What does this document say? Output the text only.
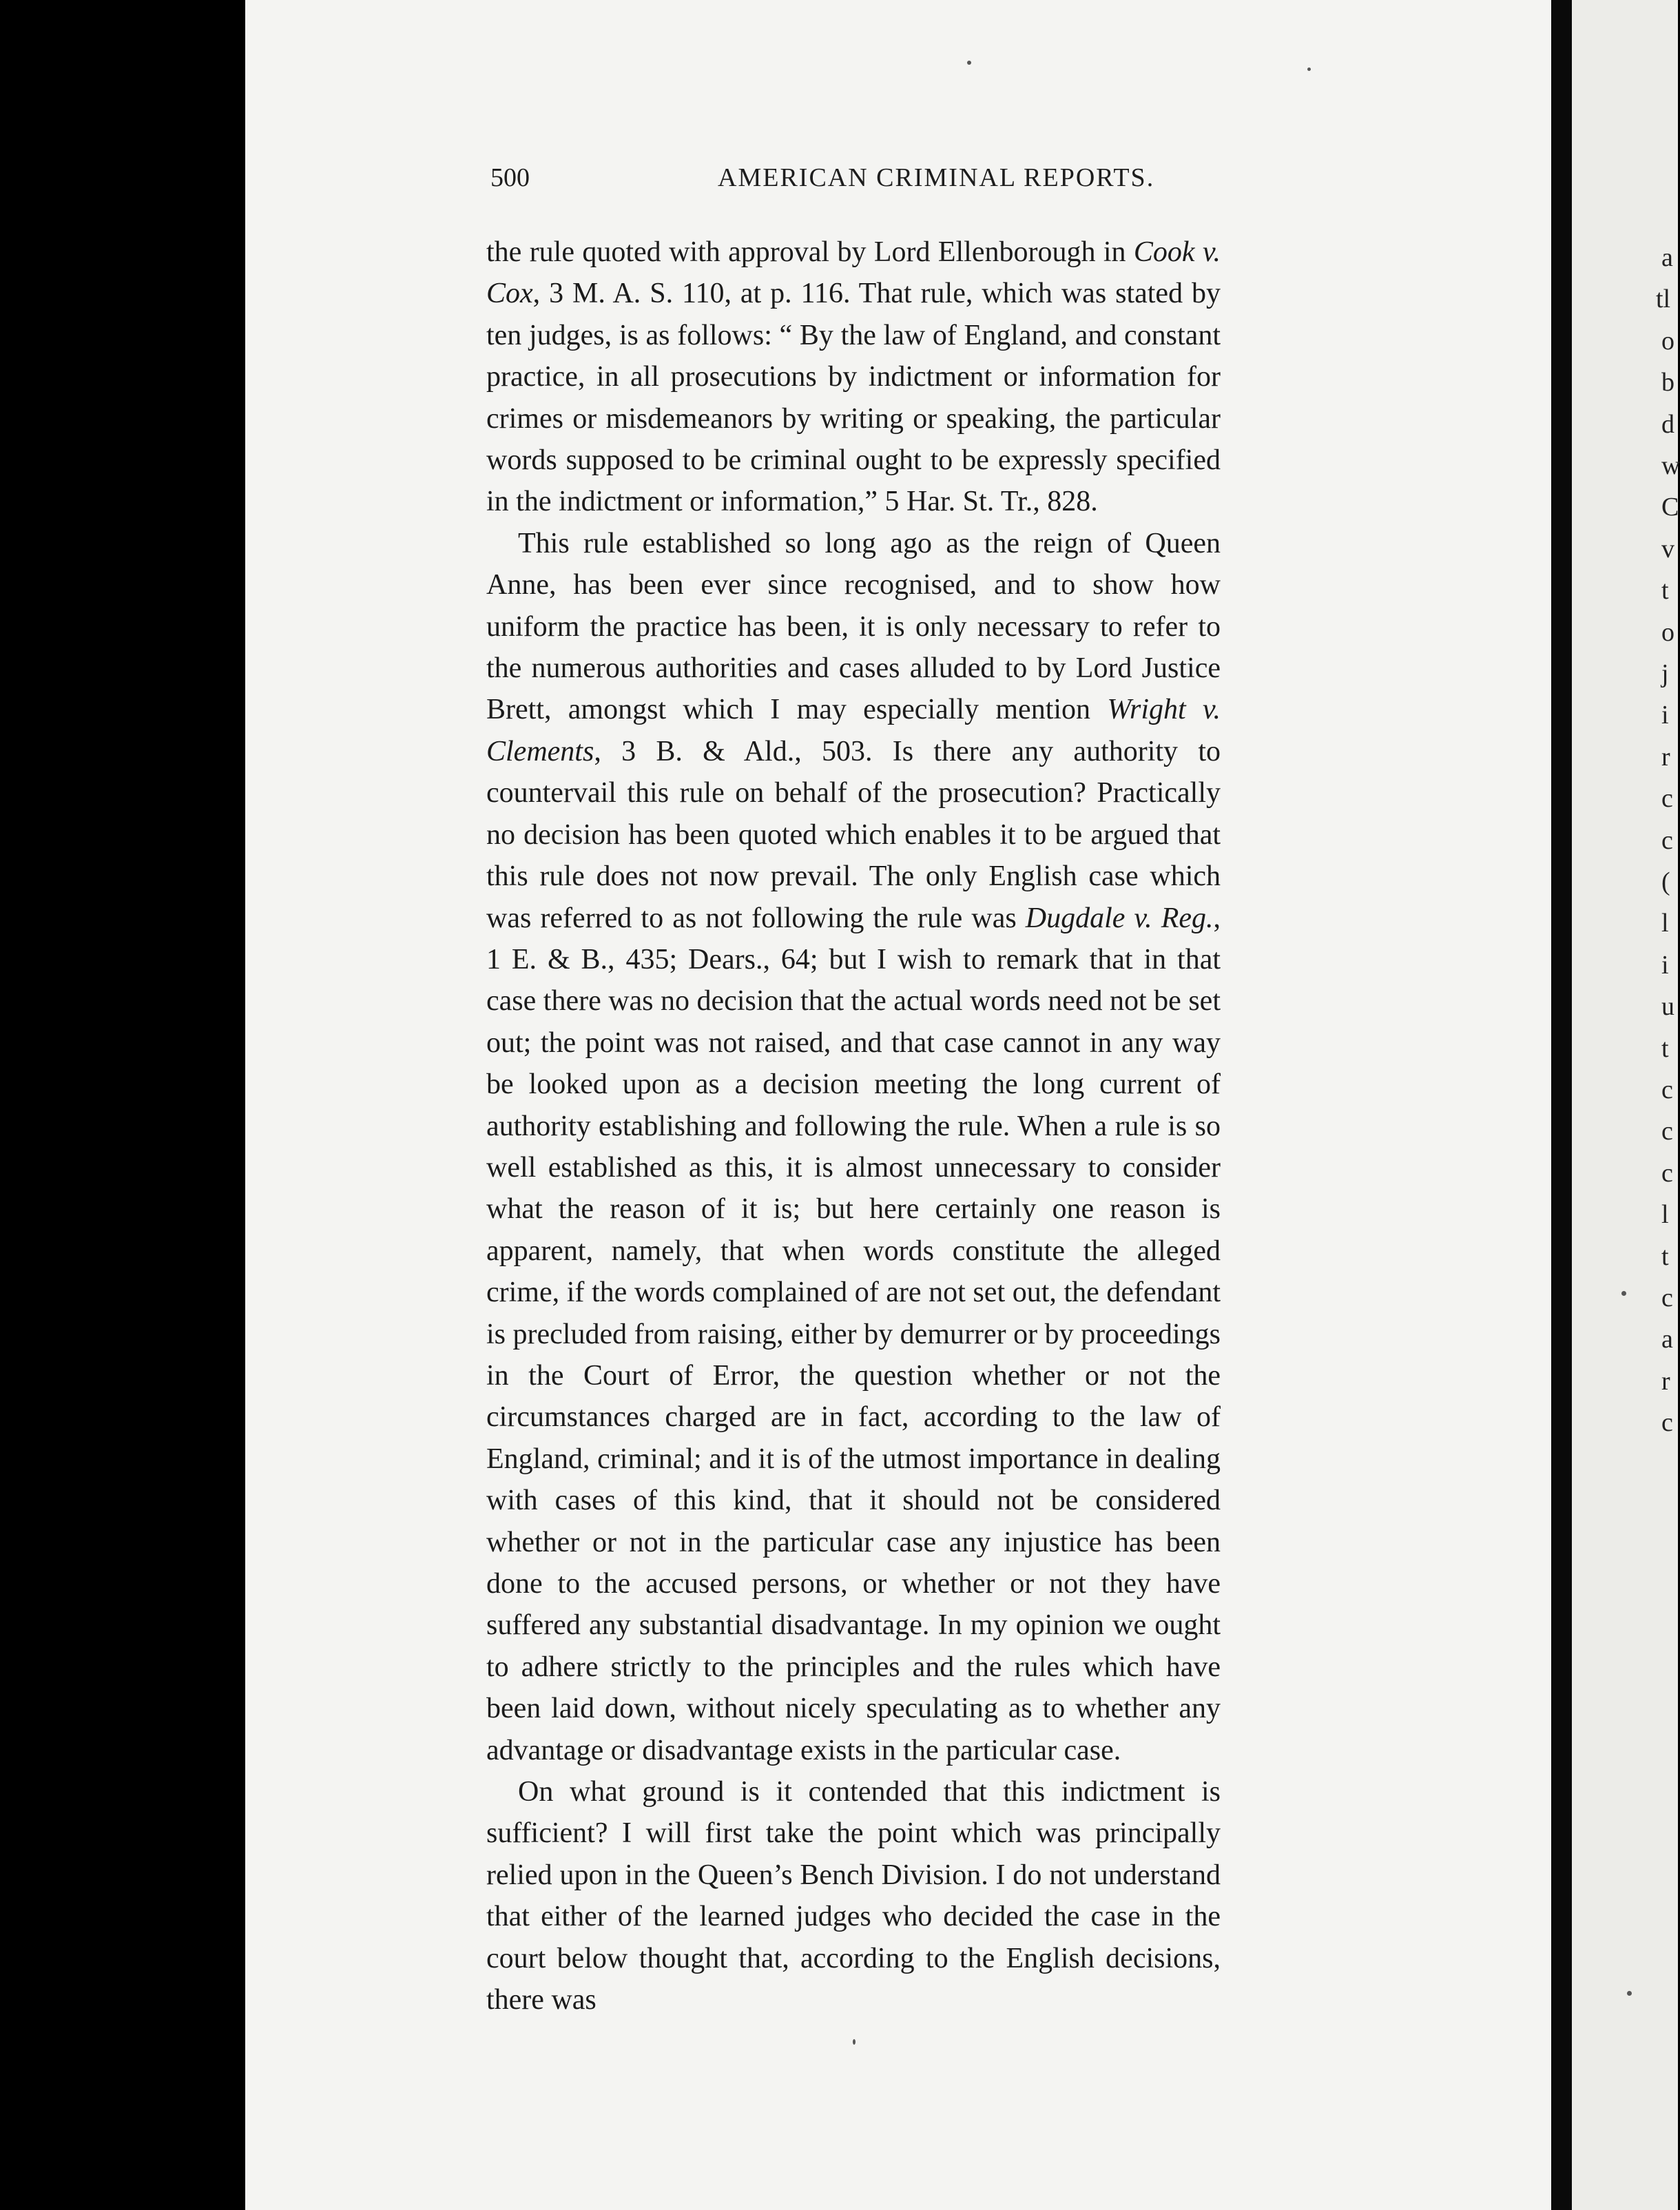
a
tl
o
b
d
w
C
v
t
o
j
i
r
c
c
(
l
i
u
t
c
c
c
l
t
c
a
r
c
500	AMERICAN CRIMINAL REPORTS.

the rule quoted with approval by Lord Ellenborough in Cook v. Cox, 3 M. A. S. 110, at p. 116. That rule, which was stated by ten judges, is as follows: “ By the law of England, and constant practice, in all prosecutions by indictment or information for crimes or misdemeanors by writing or speaking, the particular words supposed to be criminal ought to be expressly specified in the indictment or information,” 5 Har. St. Tr., 828.

This rule established so long ago as the reign of Queen Anne, has been ever since recognised, and to show how uniform the practice has been, it is only necessary to refer to the numerous authorities and cases alluded to by Lord Justice Brett, amongst which I may especially mention Wright v. Clements, 3 B. & Ald., 503. Is there any authority to countervail this rule on behalf of the prosecution? Practically no decision has been quoted which enables it to be argued that this rule does not now prevail. The only English case which was referred to as not following the rule was Dugdale v. Reg., 1 E. & B., 435; Dears., 64; but I wish to remark that in that case there was no decision that the actual words need not be set out; the point was not raised, and that case cannot in any way be looked upon as a decision meeting the long current of authority establishing and following the rule. When a rule is so well established as this, it is almost unnecessary to consider what the reason of it is; but here certainly one reason is apparent, namely, that when words constitute the alleged crime, if the words complained of are not set out, the defendant is precluded from raising, either by demurrer or by proceedings in the Court of Error, the question whether or not the circumstances charged are in fact, according to the law of England, criminal; and it is of the utmost importance in dealing with cases of this kind, that it should not be considered whether or not in the particular case any injustice has been done to the accused persons, or whether or not they have suffered any substantial disadvantage. In my opinion we ought to adhere strictly to the principles and the rules which have been laid down, without nicely speculating as to whether any advantage or disadvantage exists in the particular case.

On what ground is it contended that this indictment is sufficient? I will first take the point which was principally relied upon in the Queen’s Bench Division. I do not understand that either of the learned judges who decided the case in the court below thought that, according to the English decisions, there was
